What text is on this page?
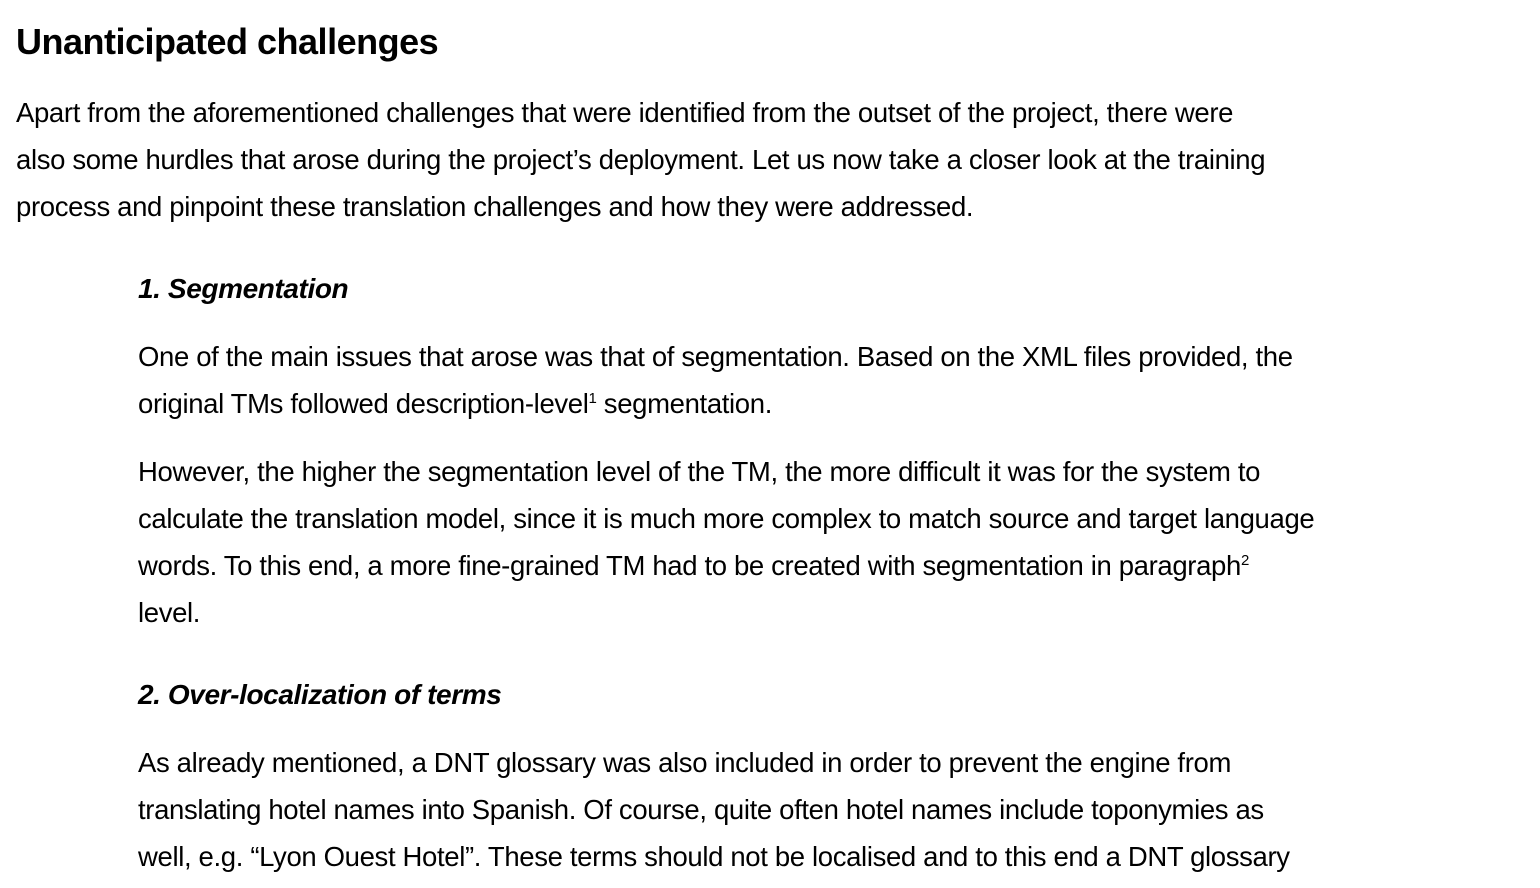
Unanticipated challenges

Apart from the aforementioned challenges that were identified from the outset of the project, there were

also some hurdles that arose during the project’s deployment. Let us now take a closer look at the training

process and pinpoint these translation challenges and how they were addressed.

1. Segmentation

One of the main issues that arose was that of segmentation. Based on the XML files provided, the

original TMs followed description-level$^1$ segmentation.

However, the higher the segmentation level of the TM, the more difficult it was for the system to

calculate the translation model, since it is much more complex to match source and target language

words. To this end, a more fine-grained TM had to be created with segmentation in paragraph$^2$

level.

2. Over-localization of terms

As already mentioned, a DNT glossary was also included in order to prevent the engine from

translating hotel names into Spanish. Of course, quite often hotel names include toponymies as

well, e.g. “Lyon Ouest Hotel”. These terms should not be localised and to this end a DNT glossary
